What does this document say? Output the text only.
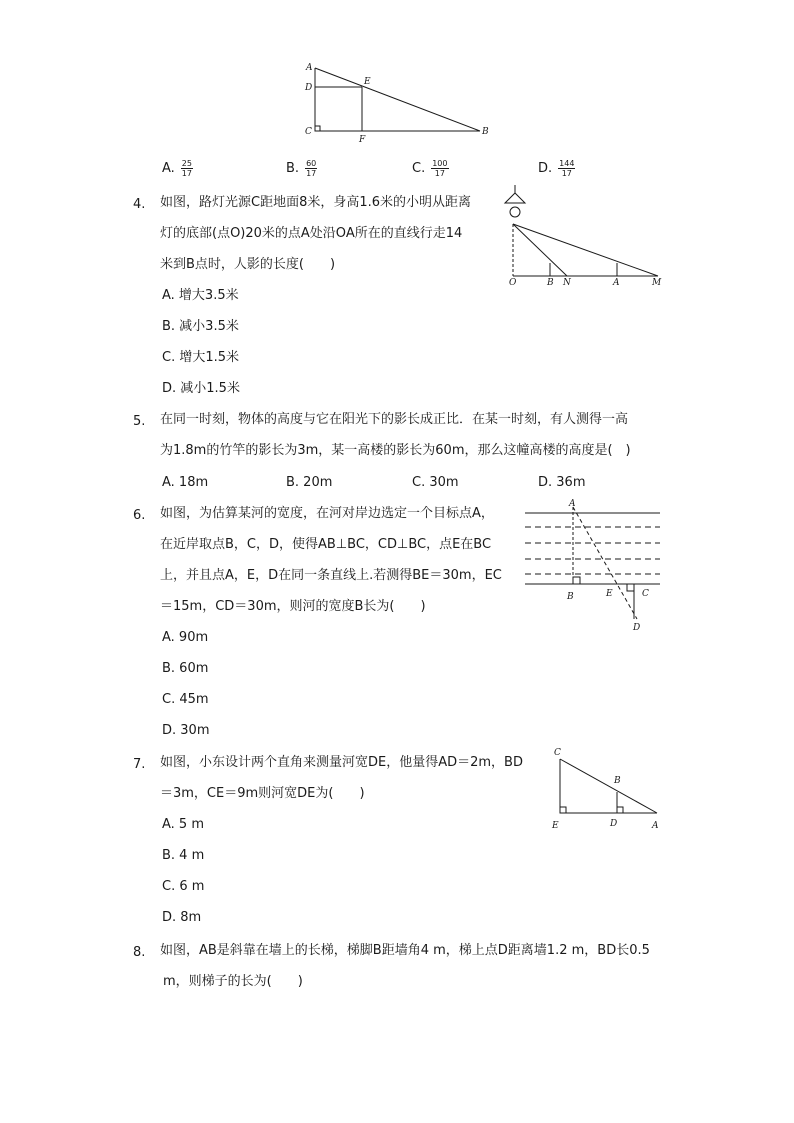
A
D
E
C
F
B
A. $\frac{25}{17}$	B. $\frac{60}{17}$	C. $\frac{100}{17}$	D. $\frac{144}{17}$
4. 如图，路灯光源C距地面8米，身高1.6米的小明从距离
灯的底部(点O)20米的点A处沿OA所在的直线行走14
米到B点时，人影的长度(　　)
A. 增大3.5米
B. 减小3.5米
C. 增大1.5米
D. 减小1.5米
O	B N	A	M
5. 在同一时刻，物体的高度与它在阳光下的影长成正比．在某一时刻，有人测得一高
为1.8m的竹竿的影长为3m，某一高楼的影长为60m，那么这幢高楼的高度是(　)
A. 18m	B. 20m	C. 30m	D. 36m
6. 如图，为估算某河的宽度，在河对岸边选定一个目标点A，
在近岸取点B，C，D，使得AB⊥BC，CD⊥BC，点E在BC
上，并且点A，E，D在同一条直线上.若测得BE＝30m，EC
＝15m，CD＝30m，则河的宽度B长为(　　)
A. 90m
B. 60m
C. 45m
D. 30m
A
B	E	C
D
7. 如图，小东设计两个直角来测量河宽DE，他量得AD＝2m，BD
＝3m，CE＝9m则河宽DE为(　　)
A. 5 m
B. 4 m
C. 6 m
D. 8m
C
B
E	D	A
8. 如图，AB是斜靠在墙上的长梯，梯脚B距墙角4 m，梯上点D距离墙1.2 m，BD长0.5
m，则梯子的长为(　　)
